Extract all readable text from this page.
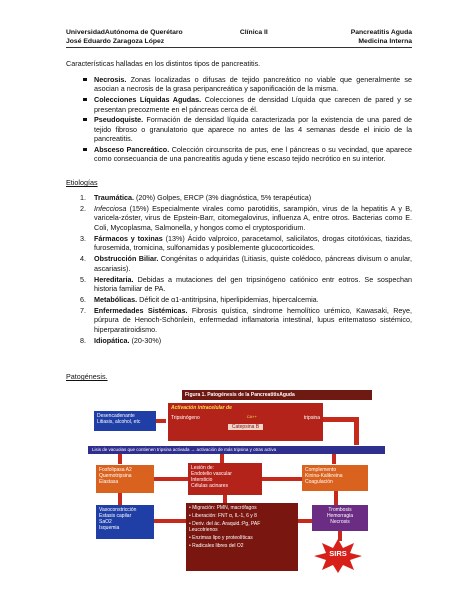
UniversidadAutónoma de Querétaro	Clínica II	Pancreatitis Aguda
José Eduardo Zaragoza López	Medicina Interna

Características halladas en los distintos tipos de pancreatitis.

Necrosis. Zonas localizadas o difusas de tejido pancreático no viable que generalmente se asocian a necrosis de la grasa peripancreática y saponificación de la misma.
Colecciones Líquidas Agudas. Colecciones de densidad Líquida que carecen de pared y se presentan precozmente en el páncreas cerca de él.
Pseudoquiste. Formación de densidad líquida caracterizada por la existencia de una pared de tejido fibroso o granulatorio que aparece no antes de las 4 semanas desde el inicio de la pancreatitis.
Absceso Pancreático. Colección circunscrita de pus, ene l páncreas o su vecindad, que aparece como consecuancia de una pancreatitis aguda y tiene escaso tejido necrótico en su interior.
Etiologías
1. Traumática. (20%) Golpes, ERCP (3% diagnóstica, 5% terapéutica)
2. Infecciosa (15%) Especialmente virales como parotiditis, sarampión, virus de la hepatitis A y B, varicela-zóster, virus de Epstein-Barr, citomegalovirus, influenza A, entre otros. Bacterias como E. Coli, Mycoplasma, Salmonella, y hongos como el cryptosporidium.
3. Fármacos y toxinas (13%) Ácido valproico, paracetamol, salicilatos, drogas citotóxicas, tiazidas, furosemida, tromicina, sulfonamidas y posiblemente glucocorticoides.
4. Obstrucción Biliar. Congénitas o adquiridas (Litiasis, quiste colédoco, páncreas divisum o anular, ascariasis).
5. Hereditaria. Debidas a mutaciones del gen tripsinógeno catiónico entr eotros. Se sospechan historia familiar de PA.
6. Metabólicas. Déficit de α1-antitripsina, hiperlipidemias, hipercalcemia.
7. Enfermedades Sistémicas. Fibrosis quística, síndrome hemolítico urémico, Kawasaki, Reye, púrpura de Henoch-Schönlein, enfermedad inflamatoria intestinal, lupus eritematoso sistémico, hiperparatiroidismo.
8. Idiopática. (20-30%)
Patogénesis.
Figura 1. Patogénesis de la PancreatitisAguda
Desencadenante
Litiasis, alcohol, etc
Activación intracelular de
Tripsinógeno	CA++	tripsina
Catepsina B
Lisis de vacuolas que contienen tripsina activada → activación de más tripsina y otras activa
Fosfolipasa A2
Quemotripsina
Elastasa
Lesión de:
Endotelio vascular
Intersticio
Células acinares
Complemento
Kinina-Kalikreina
Coagulación
Vasoconstricción
Estasis capilar
SaO2
Isquemia
• Migración: PMN, macrófagos
• Liberación: FNT α, IL-1, 6 y 8
• Deriv. del ác. Araquid.:Pg, PAF
Leucotrienos
• Enzimas lipo y proteolíticas
• Radicales libres del O2
Trombosis
Hemorragia
Necrosis
SIRS
